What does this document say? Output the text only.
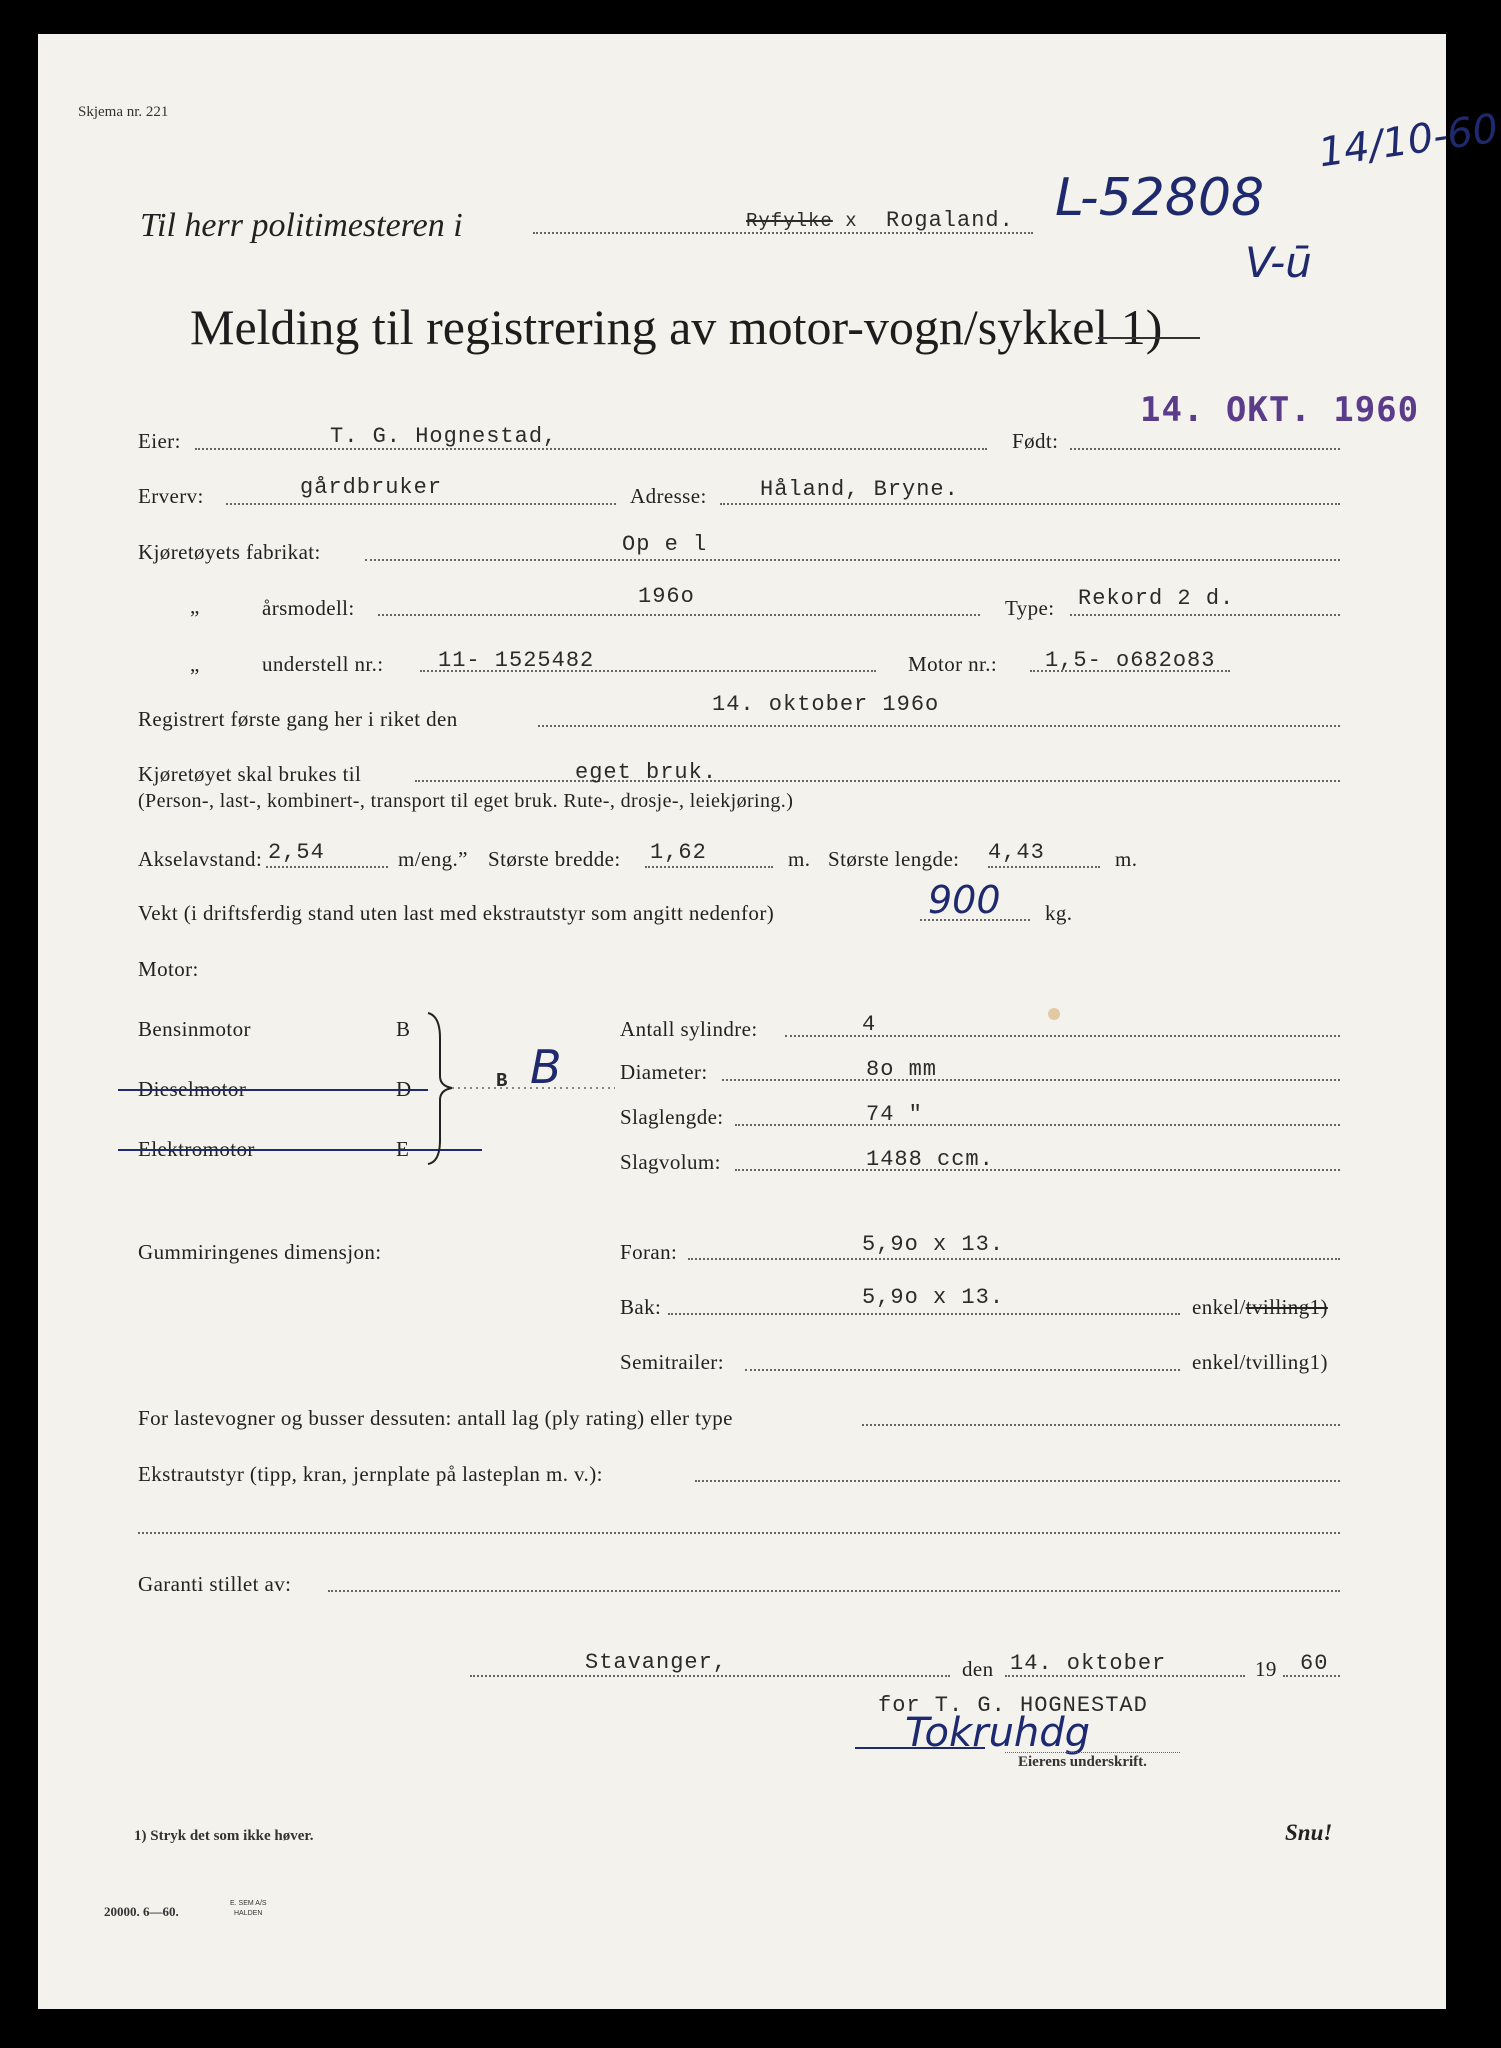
Skjema nr. 221
Til herr politimesteren i	Ryfylke x Rogaland. L-52808
14/10-60
V-ū
Melding til registrering av motor-vogn/sykkel 1)
14. OKT. 1960
Eier:	T. G. Hognestad,	Født:
Erverv:	gårdbruker	Adresse: Håland, Bryne.
Kjøretøyets fabrikat:	Op e l
„	årsmodell:	196o	Type: Rekord 2 d.
„	understell nr.: 11- 1525482	Motor nr.: 1,5- o682o83
Registrert første gang her i riket den
14. oktober 196o
Kjøretøyet skal brukes til	eget bruk.
(Person-, last-, kombinert-, transport til eget bruk. Rute-, drosje-, leiekjøring.)
Akselavstand: 2,54	m/eng.” Største bredde: 1,62	m. Største lengde: 4,43	m.
Vekt (i driftsferdig stand uten last med ekstrautstyr som angitt nedenfor)	900 kg.
Motor:
Bensinmotor	B
Dieselmotor	D
Elektromotor	E
B B
Antall sylindre:	4
Diameter:	8o mm
Slaglengde:	74 "
Slagvolum:	1488 ccm.
Gummiringenes dimensjon:	Foran:	5,9o x 13.
Bak:	5,9o x 13.	enkel/tvilling1)
Semitrailer:	enkel/tvilling1)
For lastevogner og busser dessuten: antall lag (ply rating) eller type
Ekstrautstyr (tipp, kran, jernplate på lasteplan m. v.):
Garanti stillet av:
Stavanger,	den 14. oktober	19 60
for T. G. HOGNESTAD
Tokruhdg
Eierens underskrift.
1) Stryk det som ikke høver.	Snu!
20000. 6—60.
E. SEM A/S
HALDEN
